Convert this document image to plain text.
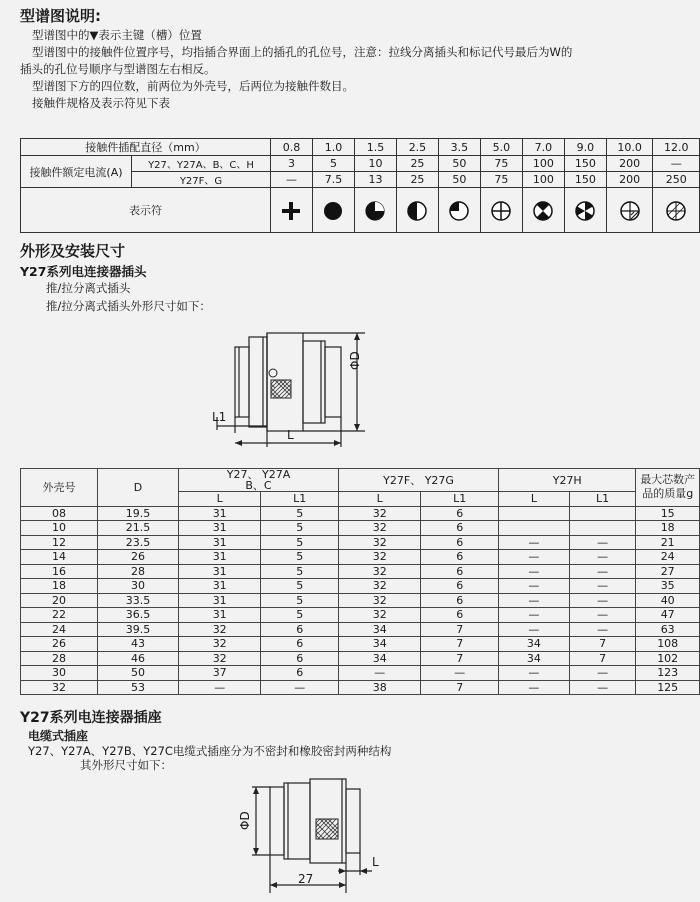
型谱图说明:
型谱图中的▼表示主键（槽）位置
型谱图中的接触件位置序号，均指插合界面上的插孔的孔位号，注意：拉线分离插头和标记代号最后为W的
插头的孔位号顺序与型谱图左右相反。
型谱图下方的四位数，前两位为外壳号，后两位为接触件数目。
接触件规格及表示符见下表
接触件插配直径（mm）		0.8	1.0	1.5	2.5	3.5	5.0	7.0	9.0	10.0	12.0
接触件额定电流(A)	Y27、Y27A、B、C、H	3	5	10	25	50	75	100	150	200	—
	Y27F、G	—	7.5	13	25	50	75	100	150	200	250
表示符										
外形及安装尺寸
Y27系列电连接器插头
推/拉分离式插头
推/拉分离式插头外形尺寸如下：
L1
L
ΦD
外壳号	D	Y27、 Y27A
B、C		Y27F、 Y27G		Y27H		最大芯数产
品的质量g
		L	L1	L	L1	L	L1	
08	19.5	31	5	32	6			15
10	21.5	31	5	32	6			18
12	23.5	31	5	32	6	—	—	21
14	26	31	5	32	6	—	—	24
16	28	31	5	32	6	—	—	27
18	30	31	5	32	6	—	—	35
20	33.5	31	5	32	6	—	—	40
22	36.5	31	5	32	6	—	—	47
24	39.5	32	6	34	7	—	—	63
26	43	32	6	34	7	34	7	108
28	46	32	6	34	7	34	7	102
30	50	37	6	—	—	—	—	123
32	53	—	—	38	7	—	—	125
Y27系列电连接器插座
电缆式插座
Y27、Y27A、Y27B、Y27C电缆式插座分为不密封和橡胶密封两种结构
其外形尺寸如下：
ΦD
L
27
